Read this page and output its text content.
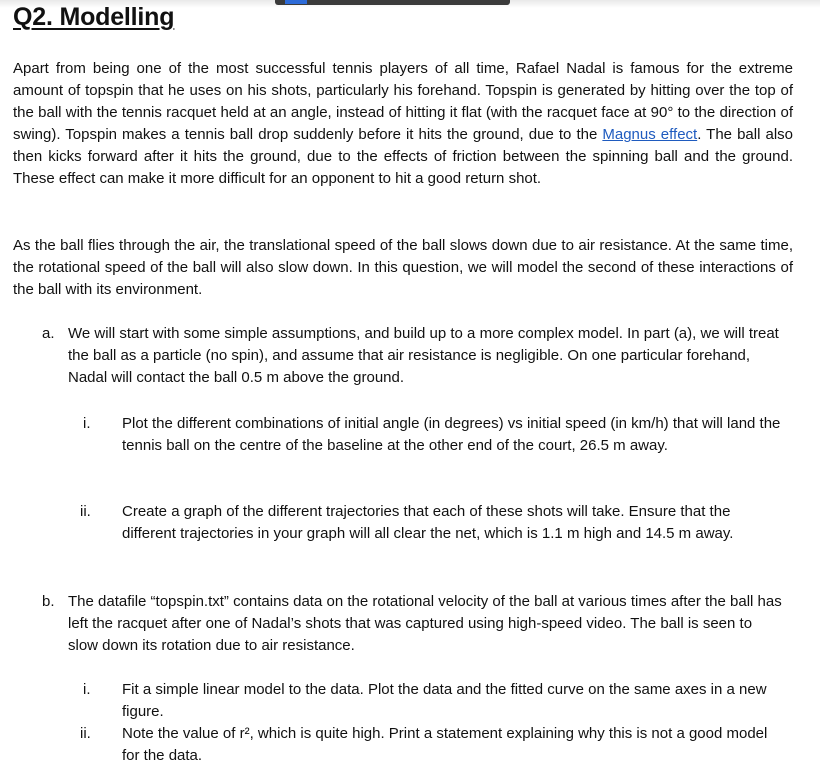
Q2. Modelling

Apart from being one of the most successful tennis players of all time, Rafael Nadal is famous for the extreme amount of topspin that he uses on his shots, particularly his forehand. Topspin is generated by hitting over the top of the ball with the tennis racquet held at an angle, instead of hitting it flat (with the racquet face at 90° to the direction of swing). Topspin makes a tennis ball drop suddenly before it hits the ground, due to the Magnus effect. The ball also then kicks forward after it hits the ground, due to the effects of friction between the spinning ball and the ground. These effect can make it more difficult for an opponent to hit a good return shot.

As the ball flies through the air, the translational speed of the ball slows down due to air resistance. At the same time, the rotational speed of the ball will also slow down. In this question, we will model the second of these interactions of the ball with its environment.

a. We will start with some simple assumptions, and build up to a more complex model. In part (a), we will treat the ball as a particle (no spin), and assume that air resistance is negligible. On one particular forehand, Nadal will contact the ball 0.5 m above the ground.

i. Plot the different combinations of initial angle (in degrees) vs initial speed (in km/h) that will land the tennis ball on the centre of the baseline at the other end of the court, 26.5 m away.

ii. Create a graph of the different trajectories that each of these shots will take. Ensure that the different trajectories in your graph will all clear the net, which is 1.1 m high and 14.5 m away.

b. The datafile “topspin.txt” contains data on the rotational velocity of the ball at various times after the ball has left the racquet after one of Nadal’s shots that was captured using high-speed video. The ball is seen to slow down its rotation due to air resistance.

i. Fit a simple linear model to the data. Plot the data and the fitted curve on the same axes in a new figure.

ii. Note the value of r², which is quite high. Print a statement explaining why this is not a good model for the data.
